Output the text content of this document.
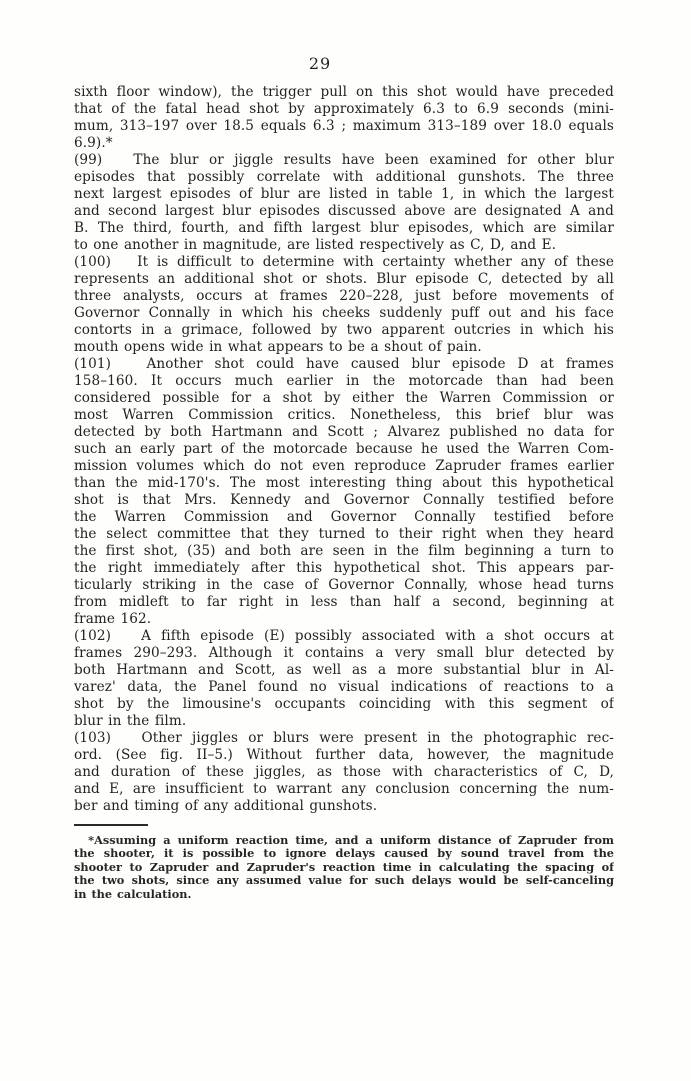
29
sixth floor window), the trigger pull on this shot would have preceded
that of the fatal head shot by approximately 6.3 to 6.9 seconds (mini-
mum, 313–197 over 18.5 equals 6.3 ; maximum 313–189 over 18.0 equals
6.9).*
(99)   The blur or jiggle results have been examined for other blur
episodes that possibly correlate with additional gunshots. The three
next largest episodes of blur are listed in table 1, in which the largest
and second largest blur episodes discussed above are designated A and
B. The third, fourth, and fifth largest blur episodes, which are similar
to one another in magnitude, are listed respectively as C, D, and E.
(100)   It is difficult to determine with certainty whether any of these
represents an additional shot or shots. Blur episode C, detected by all
three analysts, occurs at frames 220–228, just before movements of
Governor Connally in which his cheeks suddenly puff out and his face
contorts in a grimace, followed by two apparent outcries in which his
mouth opens wide in what appears to be a shout of pain.
(101)   Another shot could have caused blur episode D at frames
158–160. It occurs much earlier in the motorcade than had been
considered possible for a shot by either the Warren Commission or
most Warren Commission critics. Nonetheless, this brief blur was
detected by both Hartmann and Scott ; Alvarez published no data for
such an early part of the motorcade because he used the Warren Com-
mission volumes which do not even reproduce Zapruder frames earlier
than the mid-170's. The most interesting thing about this hypothetical
shot is that Mrs. Kennedy and Governor Connally testified before
the Warren Commission and Governor Connally testified before
the select committee that they turned to their right when they heard
the first shot, (35) and both are seen in the film beginning a turn to
the right immediately after this hypothetical shot. This appears par-
ticularly striking in the case of Governor Connally, whose head turns
from midleft to far right in less than half a second, beginning at
frame 162.
(102)   A fifth episode (E) possibly associated with a shot occurs at
frames 290–293. Although it contains a very small blur detected by
both Hartmann and Scott, as well as a more substantial blur in Al-
varez' data, the Panel found no visual indications of reactions to a
shot by the limousine's occupants coinciding with this segment of
blur in the film.
(103)   Other jiggles or blurs were present in the photographic rec-
ord. (See fig. II–5.) Without further data, however, the magnitude
and duration of these jiggles, as those with characteristics of C, D,
and E, are insufficient to warrant any conclusion concerning the num-
ber and timing of any additional gunshots.
*Assuming a uniform reaction time, and a uniform distance of Zapruder from
the shooter, it is possible to ignore delays caused by sound travel from the
shooter to Zapruder and Zapruder's reaction time in calculating the spacing of
the two shots, since any assumed value for such delays would be self-canceling
in the calculation.
